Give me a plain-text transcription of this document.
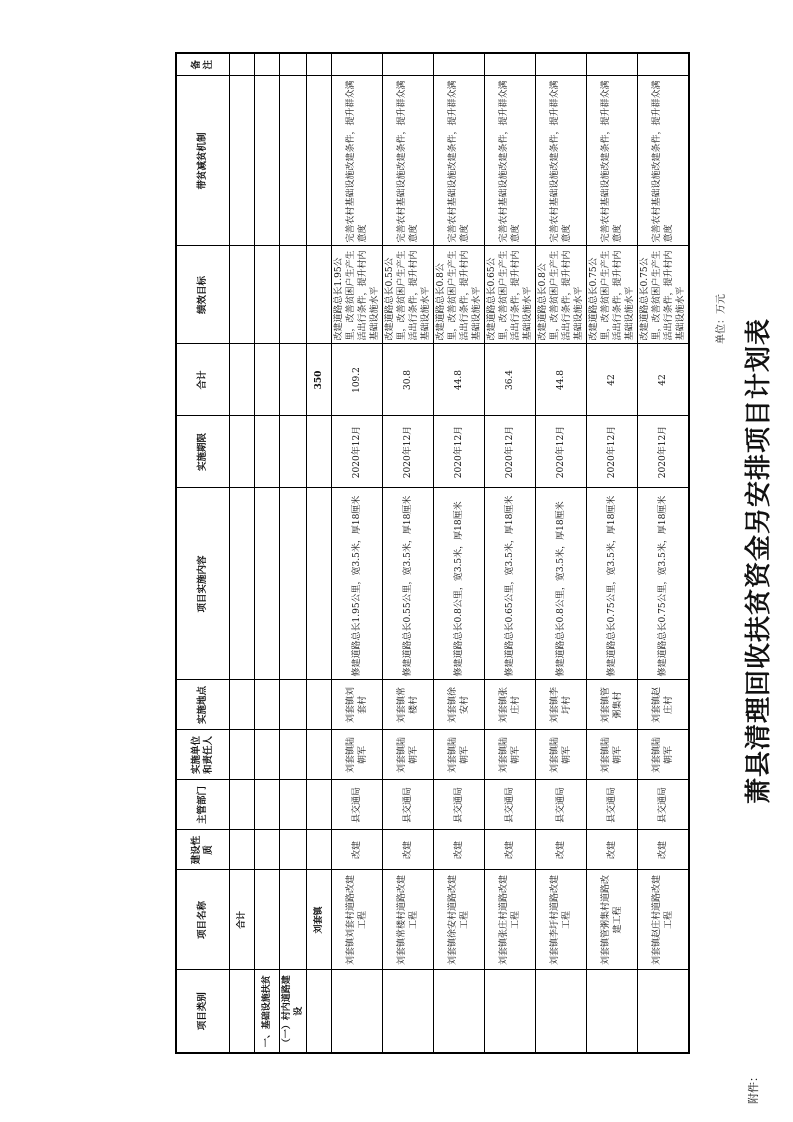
附件：
萧县清理回收扶贫资金另安排项目计划表
单位：万元
项目类别	项目名称	建设性质	主管部门	实施单位和责任人	实施地点	项目实施内容	实施期限	合计	绩效目标	带贫减贫机制	备注
	合计										
一、基础设施扶贫											
（一）村内道路建设											
	刘套镇							350			
	刘套镇刘套村道路改建工程	改建	县交通局	刘套镇陆朝军	刘套镇刘套村	修建道路总长1.95公里，宽3.5米，厚18厘米	2020年12月	109.2	改建道路总长1.95公里，改善贫困户生产生活出行条件，提升村内基础设施水平	完善农村基础设施改建条件，提升群众满意度	
	刘套镇常楼村道路改建工程	改建	县交通局	刘套镇陆朝军	刘套镇常楼村	修建道路总长0.55公里，宽3.5米，厚18厘米	2020年12月	30.8	改建道路总长0.55公里，改善贫困户生产生活出行条件，提升村内基础设施水平	完善农村基础设施改建条件，提升群众满意度	
	刘套镇徐安村道路改建工程	改建	县交通局	刘套镇陆朝军	刘套镇徐安村	修建道路总长0.8公里，宽3.5米，厚18厘米	2020年12月	44.8	改建道路总长0.8公里，改善贫困户生产生活出行条件，提升村内基础设施水平	完善农村基础设施改建条件，提升群众满意度	
	刘套镇张庄村道路改建工程	改建	县交通局	刘套镇陆朝军	刘套镇张庄村	修建道路总长0.65公里，宽3.5米，厚18厘米	2020年12月	36.4	改建道路总长0.65公里，改善贫困户生产生活出行条件，提升村内基础设施水平	完善农村基础设施改建条件，提升群众满意度	
	刘套镇李圩村道路改建工程	改建	县交通局	刘套镇陆朝军	刘套镇李圩村	修建道路总长0.8公里，宽3.5米，厚18厘米	2020年12月	44.8	改建道路总长0.8公里，改善贫困户生产生活出行条件，提升村内基础设施水平	完善农村基础设施改建条件，提升群众满意度	
	刘套镇管粥集村道路改建工程	改建	县交通局	刘套镇陆朝军	刘套镇管粥集村	修建道路总长0.75公里，宽3.5米，厚18厘米	2020年12月	42	改建道路总长0.75公里，改善贫困户生产生活出行条件，提升村内基础设施水平	完善农村基础设施改建条件，提升群众满意度	
	刘套镇赵庄村道路改建工程	改建	县交通局	刘套镇陆朝军	刘套镇赵庄村	修建道路总长0.75公里，宽3.5米，厚18厘米	2020年12月	42	改建道路总长0.75公里，改善贫困户生产生活出行条件，提升村内基础设施水平	完善农村基础设施改建条件，提升群众满意度	
